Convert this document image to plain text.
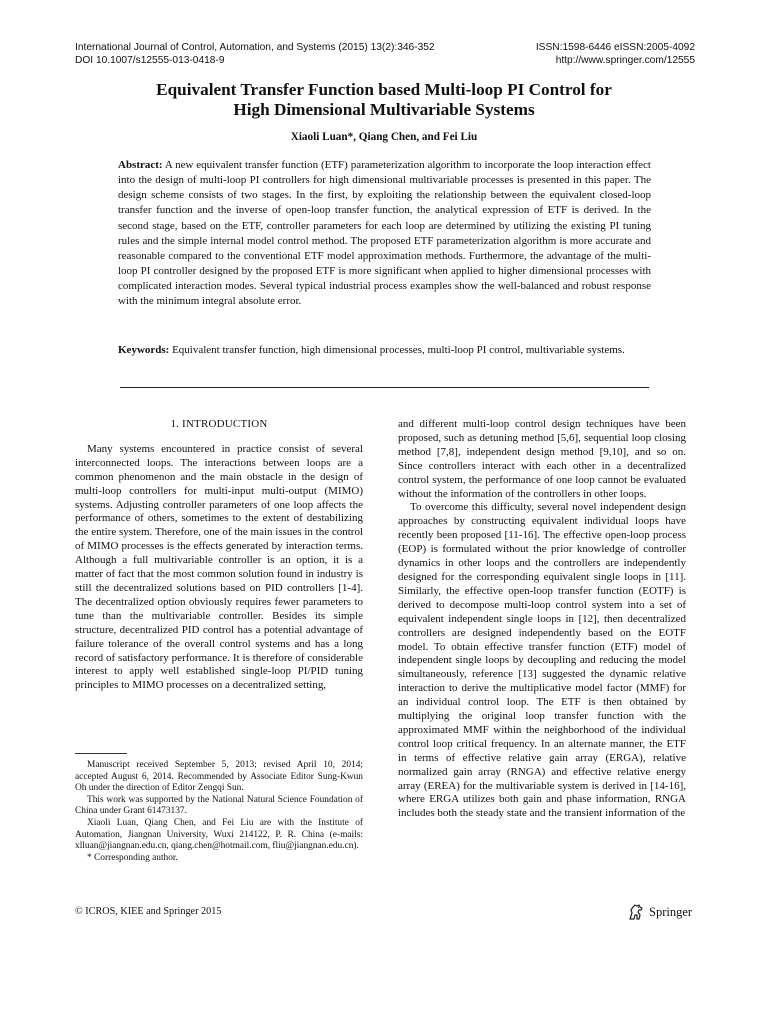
International Journal of Control, Automation, and Systems (2015) 13(2):346-352
DOI 10.1007/s12555-013-0418-9
ISSN:1598-6446 eISSN:2005-4092
http://www.springer.com/12555
Equivalent Transfer Function based Multi-loop PI Control for
High Dimensional Multivariable Systems
Xiaoli Luan*, Qiang Chen, and Fei Liu
Abstract: A new equivalent transfer function (ETF) parameterization algorithm to incorporate the loop interaction effect into the design of multi-loop PI controllers for high dimensional multivariable processes is presented in this paper. The design scheme consists of two stages. In the first, by exploiting the relationship between the equivalent closed-loop transfer function and the inverse of open-loop transfer function, the analytical expression of ETF is derived. In the second stage, based on the ETF, controller parameters for each loop are determined by utilizing the existing PI tuning rules and the simple internal model control method. The proposed ETF parameterization algorithm is more accurate and reasonable compared to the conventional ETF model approximation methods. Furthermore, the advantage of the multi-loop PI controller designed by the proposed ETF is more significant when applied to higher dimensional processes with complicated interaction modes. Several typical industrial process examples show the well-balanced and robust response with the minimum integral absolute error.
Keywords: Equivalent transfer function, high dimensional processes, multi-loop PI control, multivariable systems.
1. INTRODUCTION

Many systems encountered in practice consist of several interconnected loops. The interactions between loops are a common phenomenon and the main obstacle in the design of multi-loop controllers for multi-input multi-output (MIMO) systems. Adjusting controller parameters of one loop affects the performance of others, sometimes to the extent of destabilizing the entire system. Therefore, one of the main issues in the control of MIMO processes is the effects generated by interaction terms. Although a full multivariable controller is an option, it is a matter of fact that the most common solution found in industry is still the decentralized solutions based on PID controllers [1-4]. The decentralized option obviously requires fewer parameters to tune than the multivariable controller. Besides its simple structure, decentralized PID control has a potential advantage of failure tolerance of the overall control systems and has a long record of satisfactory performance. It is therefore of considerable interest to apply well established single-loop PI/PID tuning principles to MIMO processes on a decentralized setting,

and different multi-loop control design techniques have been proposed, such as detuning method [5,6], sequential loop closing method [7,8], independent design method [9,10], and so on. Since controllers interact with each other in a decentralized control system, the performance of one loop cannot be evaluated without the information of the controllers in other loops.

To overcome this difficulty, several novel independent design approaches by constructing equivalent individual loops have recently been proposed [11-16]. The effective open-loop process (EOP) is formulated without the prior knowledge of controller dynamics in other loops and the controllers are independently designed for the corresponding equivalent single loops in [11]. Similarly, the effective open-loop transfer function (EOTF) is derived to decompose multi-loop control system into a set of equivalent independent single loops in [12], then decentralized controllers are designed independently based on the EOTF model. To obtain effective transfer function (ETF) model of independent single loops by decoupling and reducing the model simultaneously, reference [13] suggested the dynamic relative interaction to derive the multiplicative model factor (MMF) for an individual control loop. The ETF is then obtained by multiplying the original loop transfer function with the approximated MMF within the neighborhood of the individual control loop critical frequency. In an alternate manner, the ETF in terms of effective relative gain array (ERGA), relative normalized gain array (RNGA) and effective relative energy array (EREA) for the multivariable system is derived in [14-16], where ERGA utilizes both gain and phase information, RNGA includes both the steady state and the transient information of the

Manuscript received September 5, 2013; revised April 10, 2014; accepted August 6, 2014. Recommended by Associate Editor Sung-Kwun Oh under the direction of Editor Zengqi Sun.

This work was supported by the National Natural Science Foundation of China under Grant 61473137.

Xiaoli Luan, Qiang Chen, and Fei Liu are with the Institute of Automation, Jiangnan University, Wuxi 214122, P. R. China (e-mails: xlluan@jiangnan.edu.cn, qiang.chen@hotmail.com, fliu@jiangnan.edu.cn).

* Corresponding author.

© ICROS, KIEE and Springer 2015	Springer
